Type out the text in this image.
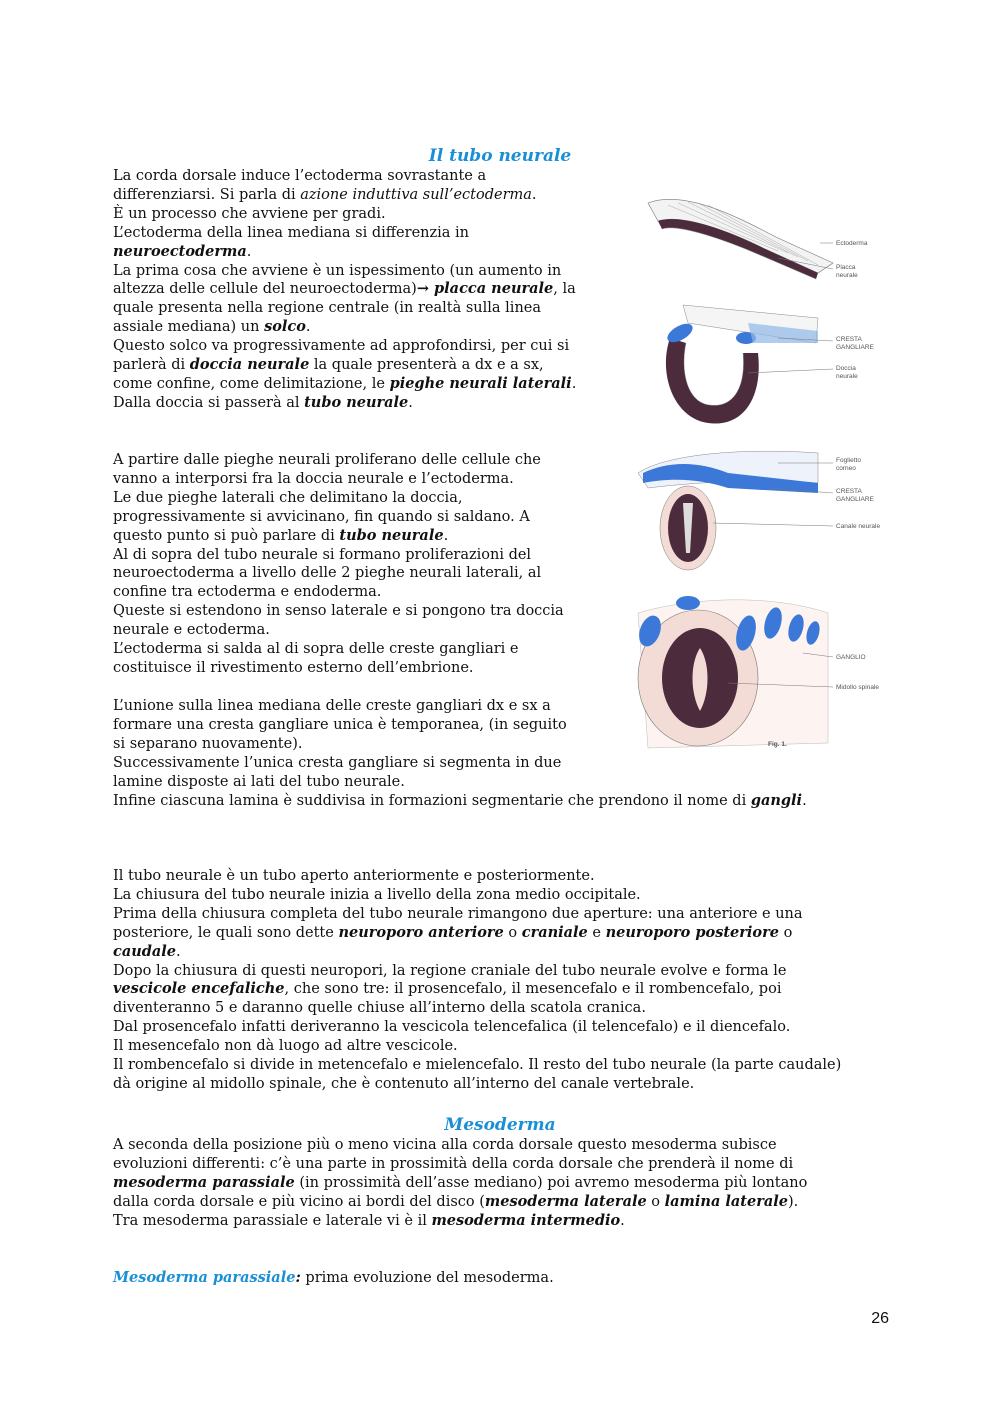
Il tubo neurale
La corda dorsale induce l’ectoderma sovrastante a
differenziarsi. Si parla di azione induttiva sull’ectoderma.
È un processo che avviene per gradi.
L’ectoderma della linea mediana si differenzia in
neuroectoderma.
La prima cosa che avviene è un ispessimento (un aumento in
altezza delle cellule del neuroectoderma)→ placca neurale, la
quale presenta nella regione centrale (in realtà sulla linea
assiale mediana) un solco.
Questo solco va progressivamente ad approfondirsi, per cui si
parlerà di doccia neurale la quale presenterà a dx e a sx,
come confine, come delimitazione, le pieghe neurali laterali.
Dalla doccia si passerà al tubo neurale.
A partire dalle pieghe neurali proliferano delle cellule che
vanno a interporsi fra la doccia neurale e l’ectoderma.
Le due pieghe laterali che delimitano la doccia,
progressivamente si avvicinano, fin quando si saldano. A
questo punto si può parlare di tubo neurale.
Al di sopra del tubo neurale si formano proliferazioni del
neuroectoderma a livello delle 2 pieghe neurali laterali, al
confine tra ectoderma e endoderma.
Queste si estendono in senso laterale e si pongono tra doccia
neurale e ectoderma.
L’ectoderma si salda al di sopra delle creste gangliari e
costituisce il rivestimento esterno dell’embrione.
L’unione sulla linea mediana delle creste gangliari dx e sx a
formare una cresta gangliare unica è temporanea, (in seguito
si separano nuovamente).
Successivamente l’unica cresta gangliare si segmenta in due
lamine disposte ai lati del tubo neurale.
Infine ciascuna lamina è suddivisa in formazioni segmentarie che prendono il nome di gangli.
Il tubo neurale è un tubo aperto anteriormente e posteriormente.
La chiusura del tubo neurale inizia a livello della zona medio occipitale.
Prima della chiusura completa del tubo neurale rimangono due aperture: una anteriore e una
posteriore, le quali sono dette neuroporo anteriore o craniale e neuroporo posteriore o
caudale.
Dopo la chiusura di questi neuropori, la regione craniale del tubo neurale evolve e forma le
vescicole encefaliche, che sono tre: il prosencefalo, il mesencefalo e il rombencefalo, poi
diventeranno 5 e daranno quelle chiuse all’interno della scatola cranica.
Dal prosencefalo infatti deriveranno la vescicola telencefalica (il telencefalo) e il diencefalo.
Il mesencefalo non dà luogo ad altre vescicole.
Il rombencefalo si divide in metencefalo e mielencefalo. Il resto del tubo neurale (la parte caudale)
dà origine al midollo spinale, che è contenuto all’interno del canale vertebrale.
Mesoderma
A seconda della posizione più o meno vicina alla corda dorsale questo mesoderma subisce
evoluzioni differenti: c’è una parte in prossimità della corda dorsale che prenderà il nome di
mesoderma parassiale (in prossimità dell’asse mediano) poi avremo mesoderma più lontano
dalla corda dorsale e più vicino ai bordi del disco (mesoderma laterale o lamina laterale).
Tra mesoderma parassiale e laterale vi è il mesoderma intermedio.
Mesoderma parassiale: prima evoluzione del mesoderma.
Ectoderma
Placca
neurale
CRESTA
GANGLIARE
Doccia
neurale
Foglietto
corneo
CRESTA
GANGLIARE
Canale neurale
GANGLIO
Midollo spinale
Fig. 1.
26
